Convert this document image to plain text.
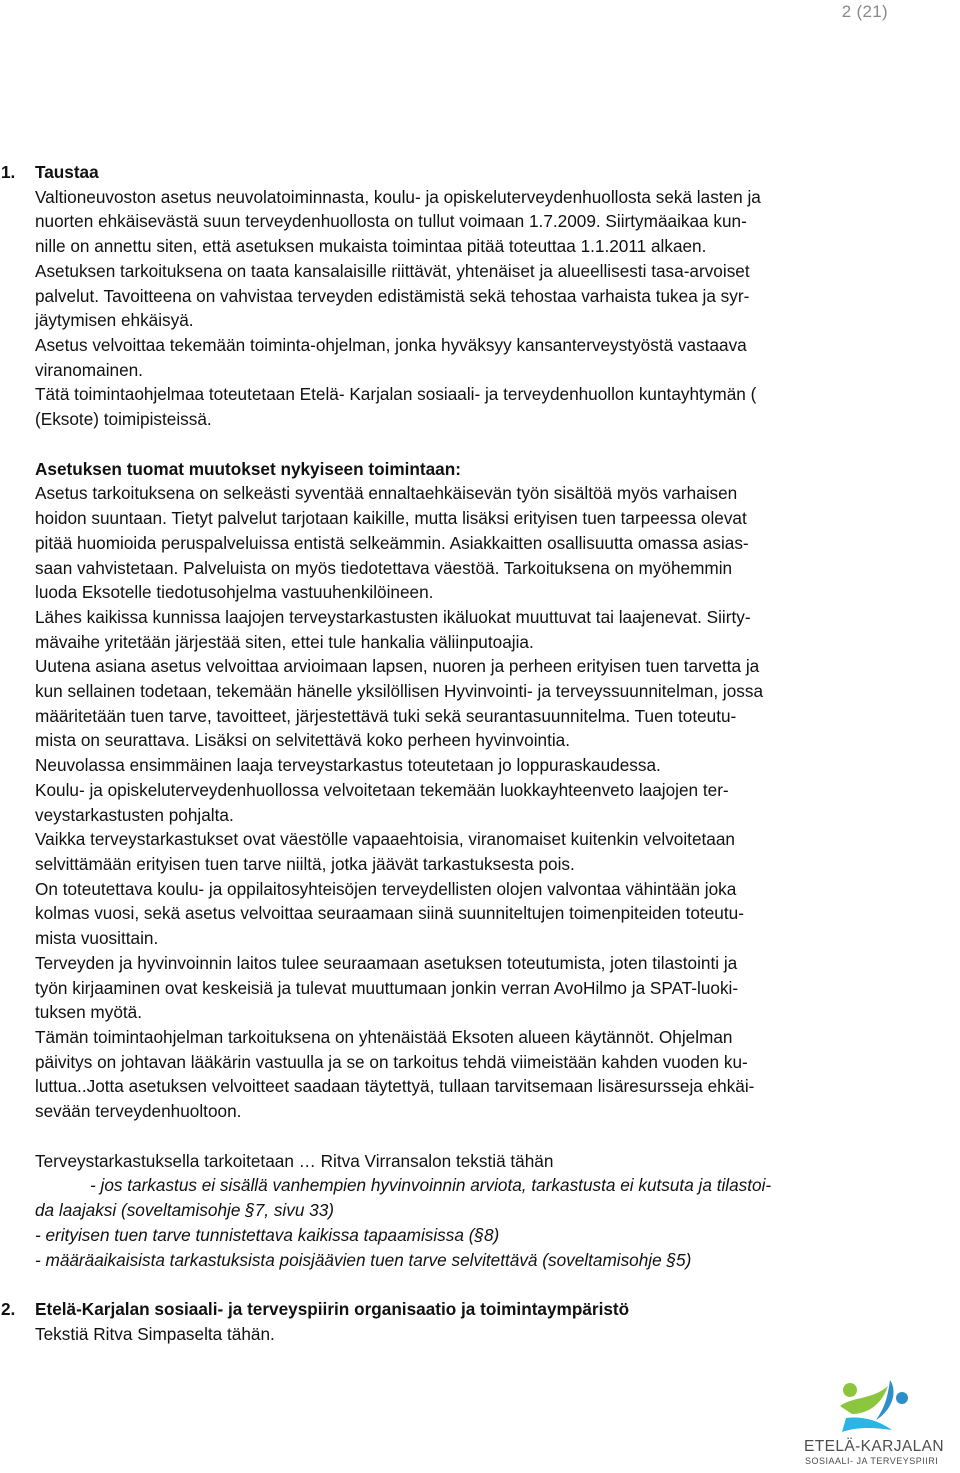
2 (21)
1. Taustaa
Valtioneuvoston asetus neuvolatoiminnasta, koulu- ja opiskeluterveydenhuollosta sekä lasten ja
nuorten ehkäisevästä suun terveydenhuollosta on tullut voimaan 1.7.2009. Siirtymäaikaa kun-
nille on annettu siten, että asetuksen mukaista toimintaa pitää toteuttaa 1.1.2011 alkaen.
Asetuksen tarkoituksena on taata kansalaisille riittävät, yhtenäiset ja alueellisesti tasa-arvoiset
palvelut. Tavoitteena on vahvistaa terveyden edistämistä sekä tehostaa varhaista tukea ja syr-
jäytymisen ehkäisyä.
Asetus velvoittaa tekemään toiminta-ohjelman, jonka hyväksyy kansanterveystyöstä vastaava
viranomainen.
Tätä toimintaohjelmaa toteutetaan Etelä- Karjalan sosiaali- ja terveydenhuollon kuntayhtymän (
(Eksote) toimipisteissä.
Asetuksen tuomat muutokset nykyiseen toimintaan:
Asetus tarkoituksena on selkeästi syventää ennaltaehkäisevän työn sisältöä myös varhaisen
hoidon suuntaan. Tietyt palvelut tarjotaan kaikille, mutta lisäksi erityisen tuen tarpeessa olevat
pitää huomioida peruspalveluissa entistä selkeämmin. Asiakkaitten osallisuutta omassa asias-
saan vahvistetaan. Palveluista on myös tiedotettava väestöä. Tarkoituksena on myöhemmin
luoda Eksotelle tiedotusohjelma vastuuhenkilöineen.
Lähes kaikissa kunnissa laajojen terveystarkastusten ikäluokat muuttuvat tai laajenevat. Siirty-
mävaihe yritetään järjestää siten, ettei tule hankalia väliinputoajia.
Uutena asiana asetus velvoittaa arvioimaan lapsen, nuoren ja perheen erityisen tuen tarvetta ja
kun sellainen todetaan, tekemään hänelle yksilöllisen Hyvinvointi- ja terveyssuunnitelman, jossa
määritetään tuen tarve, tavoitteet, järjestettävä tuki sekä seurantasuunnitelma. Tuen toteutu-
mista on seurattava. Lisäksi on selvitettävä koko perheen hyvinvointia.
Neuvolassa ensimmäinen laaja terveystarkastus toteutetaan jo loppuraskaudessa.
Koulu- ja opiskeluterveydenhuollossa velvoitetaan tekemään luokkayhteenveto laajojen ter-
veystarkastusten pohjalta.
Vaikka terveystarkastukset ovat väestölle vapaaehtoisia, viranomaiset kuitenkin velvoitetaan
selvittämään erityisen tuen tarve niiltä, jotka jäävät tarkastuksesta pois.
On toteutettava koulu- ja oppilaitosyhteisöjen terveydellisten olojen valvontaa vähintään joka
kolmas vuosi, sekä asetus velvoittaa seuraamaan siinä suunniteltujen toimenpiteiden toteutu-
mista vuosittain.
Terveyden ja hyvinvoinnin laitos tulee seuraamaan asetuksen toteutumista, joten tilastointi ja
työn kirjaaminen ovat keskeisiä ja tulevat muuttumaan jonkin verran AvoHilmo ja SPAT-luoki-
tuksen myötä.
Tämän toimintaohjelman tarkoituksena on yhtenäistää Eksoten alueen käytännöt. Ohjelman
päivitys on johtavan lääkärin vastuulla ja se on tarkoitus tehdä viimeistään kahden vuoden ku-
luttua..Jotta asetuksen velvoitteet saadaan täytettyä, tullaan tarvitsemaan lisäresursseja ehkäi-
sevään terveydenhuoltoon.
Terveystarkastuksella tarkoitetaan … Ritva Virransalon tekstiä tähän
- jos tarkastus ei sisällä vanhempien hyvinvoinnin arviota, tarkastusta ei kutsuta ja tilastoi-
da laajaksi (soveltamisohje §7, sivu 33)
- erityisen tuen tarve tunnistettava kaikissa tapaamisissa (§8)
- määräaikaisista tarkastuksista poisjäävien tuen tarve selvitettävä (soveltamisohje §5)
2. Etelä-Karjalan sosiaali- ja terveyspiirin organisaatio ja toimintaympäristö
Tekstiä Ritva Simpaselta tähän.
ETELÄ-KARJALAN
SOSIAALI- JA TERVEYSPIIRI
